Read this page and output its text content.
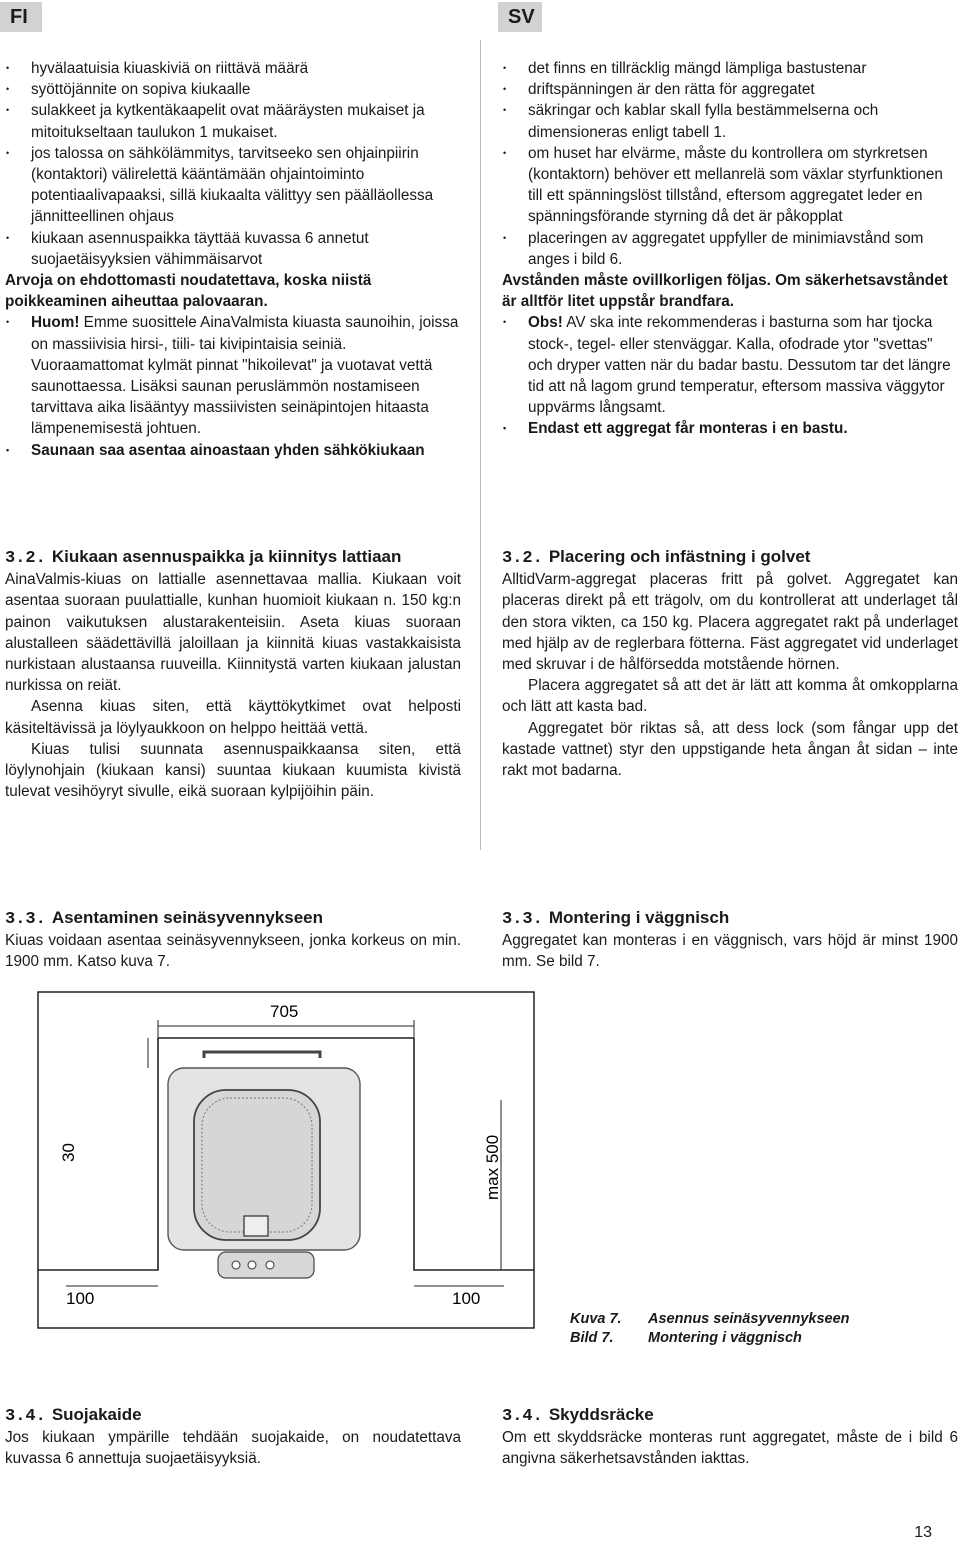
FI	SV
• hyvälaatuisia kiuaskiviä on riittävä määrä
• syöttöjännite on sopiva kiukaalle
• sulakkeet ja kytkentäkaapelit ovat määräysten mukaiset ja mitoitukseltaan taulukon 1 mukaiset.
• jos talossa on sähkölämmitys, tarvitseeko sen ohjainpiirin (kontaktori) välirelettä kääntämään ohjaintoiminto potentiaalivapaaksi, sillä kiukaalta välittyy sen päälläollessa jännitteellinen ohjaus
• kiukaan asennuspaikka täyttää kuvassa 6 annetut suojaetäisyyksien vähimmäisarvot

Arvoja on ehdottomasti noudatettava, koska niistä poikkeaminen aiheuttaa palovaaran.

• Huom! Emme suosittele AinaValmista kiuasta saunoihin, joissa on massiivisia hirsi-, tiili- tai kivipintaisia seiniä. Vuoraamattomat kylmät pinnat "hikoilevat" ja vuotavat vettä saunottaessa. Lisäksi saunan peruslämmön nostamiseen tarvittava aika lisääntyy massiivisten seinäpintojen hitaasta lämpenemisestä johtuen.
• Saunaan saa asentaa ainoastaan yhden sähkökiukaan
3.2. Kiukaan asennuspaikka ja kiinnitys lattiaan

AinaValmis-kiuas on lattialle asennettavaa mallia. Kiukaan voit asentaa suoraan puulattialle, kunhan huomioit kiukaan n. 150 kg:n painon vaikutuksen alustarakenteisiin. Aseta kiuas suoraan alustalleen säädettävillä jaloillaan ja kiinnitä kiuas vastakkaisista nurkistaan alustaansa ruuveilla. Kiinnitystä varten kiukaan jalustan nurkissa on reiät.

Asenna kiuas siten, että käyttökytkimet ovat helposti käsiteltävissä ja löylyaukkoon on helppo heittää vettä.

Kiuas tulisi suunnata asennuspaikkaansa siten, että löylynohjain (kiukaan kansi) suuntaa kiukaan kuumista kivistä tulevat vesihöyryt sivulle, eikä suoraan kylpijöihin päin.

3.3. Asentaminen seinäsyvennykseen

Kiuas voidaan asentaa seinäsyvennykseen, jonka korkeus on min. 1900 mm. Katso kuva 7.

3.4. Suojakaide

Jos kiukaan ympärille tehdään suojakaide, on noudatettava kuvassa 6 annettuja suojaetäisyyksiä.

• det finns en tillräcklig mängd lämpliga bastustenar
• driftspänningen är den rätta för aggregatet
• säkringar och kablar skall fylla bestämmelserna och dimensioneras enligt tabell 1.
• om huset har elvärme, måste du kontrollera om styrkretsen (kontaktorn) behöver ett mellanrelä som växlar styrfunktionen till ett spänningslöst tillstånd, eftersom aggregatet leder en spänningsförande styrning då det är påkopplat
• placeringen av aggregatet uppfyller de minimiavstånd som anges i bild 6.

Avstånden måste ovillkorligen följas. Om säkerhetsavståndet är alltför litet uppstår brandfara.

• Obs! AV ska inte rekommenderas i basturna som har tjocka stock-, tegel- eller stenväggar. Kalla, ofodrade ytor "svettas" och dryper vatten när du badar bastu. Dessutom tar det längre tid att nå lagom grund temperatur, eftersom massiva väggytor uppvärms långsamt.
• Endast ett aggregat får monteras i en bastu.
3.2. Placering och infästning i golvet

AlltidVarm-aggregat placeras fritt på golvet. Aggregatet kan placeras direkt på ett trägolv, om du kontrollerat att underlaget tål den stora vikten, ca 150 kg. Placera aggregatet rakt på underlaget med hjälp av de reglerbara fötterna. Fäst aggregatet vid underlaget med skruvar i de hålförsedda motstående hörnen.

Placera aggregatet så att det är lätt att komma åt omkopplarna och lätt att kasta bad.

Aggregatet bör riktas så, att dess lock (som fångar upp det kastade vattnet) styr den uppstigande heta ångan åt sidan – inte rakt mot badarna.

3.3. Montering i väggnisch

Aggregatet kan monteras i en väggnisch, vars höjd är minst 1900 mm. Se bild 7.

3.4. Skyddsräcke

Om ett skyddsräcke monteras runt aggregatet, måste de i bild 6 angivna säkerhetsavstånden iakttas.

705
30	max 500
100	100
Kuva 7.	Asennus seinäsyvennykseen
Bild 7.	Montering i väggnisch
13
